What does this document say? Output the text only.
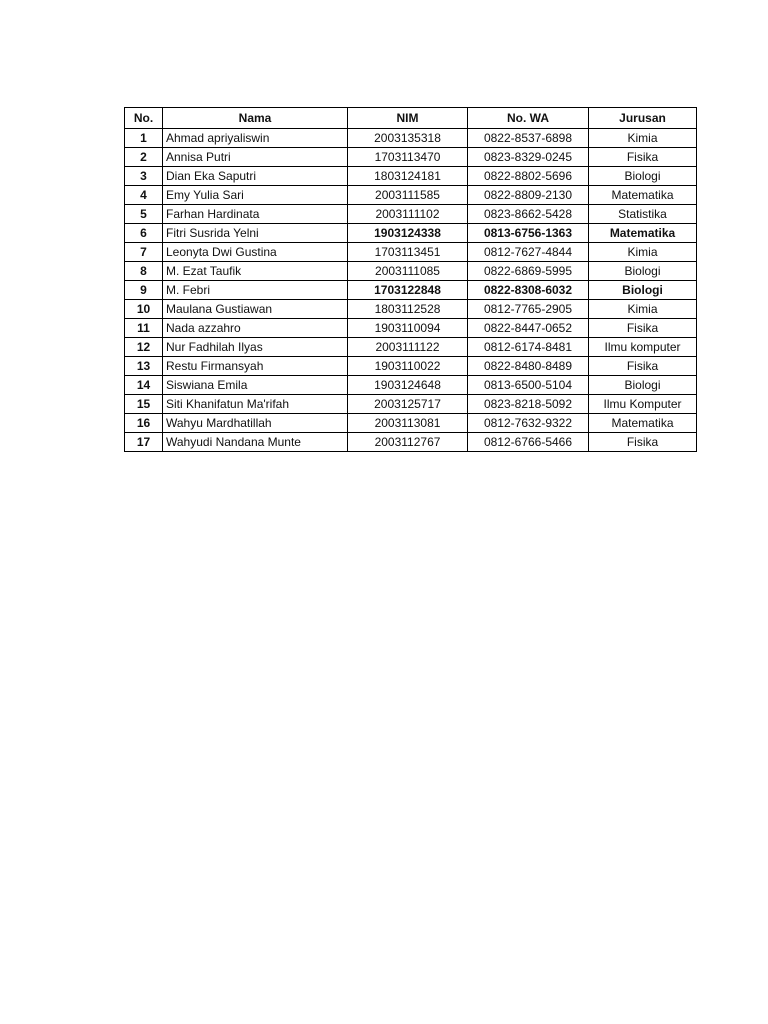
No.	Nama	NIM	No. WA	Jurusan
1	Ahmad apriyaliswin	2003135318	0822-8537-6898	Kimia
2	Annisa Putri	1703113470	0823-8329-0245	Fisika
3	Dian Eka Saputri	1803124181	0822-8802-5696	Biologi
4	Emy Yulia Sari	2003111585	0822-8809-2130	Matematika
5	Farhan Hardinata	2003111102	0823-8662-5428	Statistika
6	Fitri Susrida Yelni	1903124338	0813-6756-1363	Matematika
7	Leonyta Dwi Gustina	1703113451	0812-7627-4844	Kimia
8	M. Ezat Taufik	2003111085	0822-6869-5995	Biologi
9	M. Febri	1703122848	0822-8308-6032	Biologi
10	Maulana Gustiawan	1803112528	0812-7765-2905	Kimia
11	Nada azzahro	1903110094	0822-8447-0652	Fisika
12	Nur Fadhilah Ilyas	2003111122	0812-6174-8481	Ilmu komputer
13	Restu Firmansyah	1903110022	0822-8480-8489	Fisika
14	Siswiana Emila	1903124648	0813-6500-5104	Biologi
15	Siti Khanifatun Ma'rifah	2003125717	0823-8218-5092	Ilmu Komputer
16	Wahyu Mardhatillah	2003113081	0812-7632-9322	Matematika
17	Wahyudi Nandana Munte	2003112767	0812-6766-5466	Fisika
